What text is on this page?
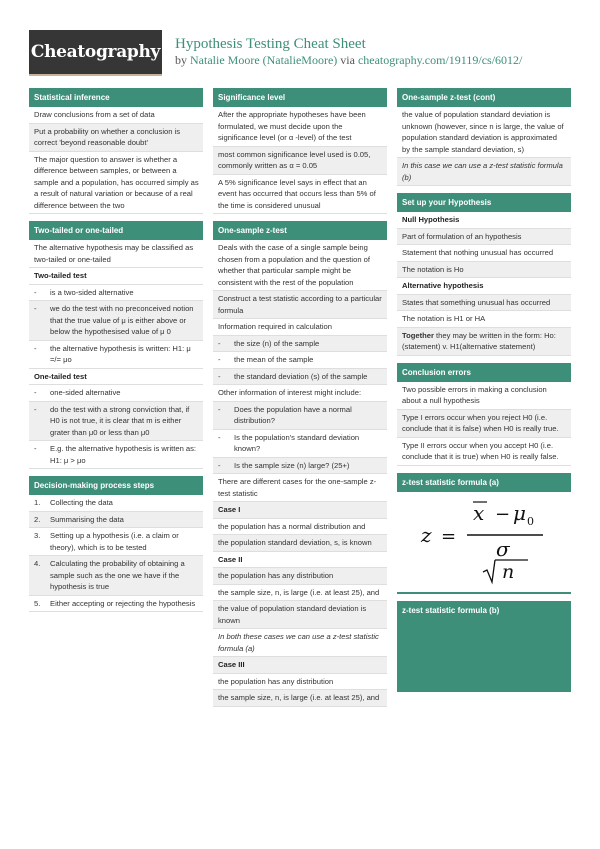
Cheatography Hypothesis Testing Cheat Sheet
by Natalie Moore (NatalieMoore) via cheatography.com/19119/cs/6012/
Statistical inference
Draw conclusions from a set of data
Put a probability on whether a conclusion is correct 'beyond reasonable doubt'
The major question to answer is whether a difference between samples, or between a sample and a population, has occurred simply as a result of natural variation or because of a real difference between the two
Two-tailed or one-tailed
The alternative hypothesis may be classified as two-tailed or one-tailed
Two-tailed test
-	is a two-sided alternative
-	we do the test with no preconceived notion that the true value of μ is either above or below the hypothesised value of μ 0
-	the alternative hypothesis is written: H1: μ =/= μo
One-tailed test
-	one-sided alternative
-	do the test with a strong conviction that, if H0 is not true, it is clear that m is either grater than μ0 or less than μ0
-	E.g. the alternative hypothesis is written as: H1: μ > μo
Decision-making process steps
1.	Collecting the data
2.	Summarising the data
3.	Setting up a hypothesis (i.e. a claim or theory), which is to be tested
4.	Calculating the probability of obtaining a sample such as the one we have if the hypothesis is true
5.	Either accepting or rejecting the hypothesis
Significance level
After the appropriate hypotheses have been formulated, we must decide upon the significance level (or α -level) of the test
most common significance level used is 0.05, commonly written as α = 0.05
A 5% significance level says in effect that an event has occurred that occurs less than 5% of the time is considered unusual
One-sample z-test
Deals with the case of a single sample being chosen from a population and the question of whether that particular sample might be consistent with the rest of the population
Construct a test statistic according to a particular formula
Information required in calculation
-	the size (n) of the sample
-	the mean of the sample
-	the standard deviation (s) of the sample
Other information of interest might include:
-	Does the population have a normal distribution?
-	Is the population's standard deviation known?
-	Is the sample size (n) large? (25+)
There are different cases for the one-sample z-test statistic
Case I
the population has a normal distribution and
the population standard deviation, s, is known
Case II
the population has any distribution
the sample size, n, is large (i.e. at least 25), and
the value of population standard deviation is known
In both these cases we can use a z-test statistic formula (a)
Case III
the population has any distribution
the sample size, n, is large (i.e. at least 25), and
One-sample z-test (cont)
the value of population standard deviation is unknown (however, since n is large, the value of population standard deviation is approximated by the sample standard deviation, s)
In this case we can use a z-test statistic formula (b)
Set up your Hypothesis
Null Hypothesis
Part of formulation of an hypothesis
Statement that nothing unusual has occurred
The notation is Ho
Alternative hypothesis
States that something unusual has occurred
The notation is H1 or HA
Together they may be written in the form: Ho: (statement) v. H1(alternative statement)
Conclusion errors
Two possible errors in making a conclusion about a null hypothesis
Type I errors occur when you reject H0 (i.e. conclude that it is false) when H0 is really true.
Type II errors occur when you accept H0 (i.e. conclude that it is true) when H0 is really false.
z-test statistic formula (a)
z =
x − μ 0
σ
n
z-test statistic formula (b)
